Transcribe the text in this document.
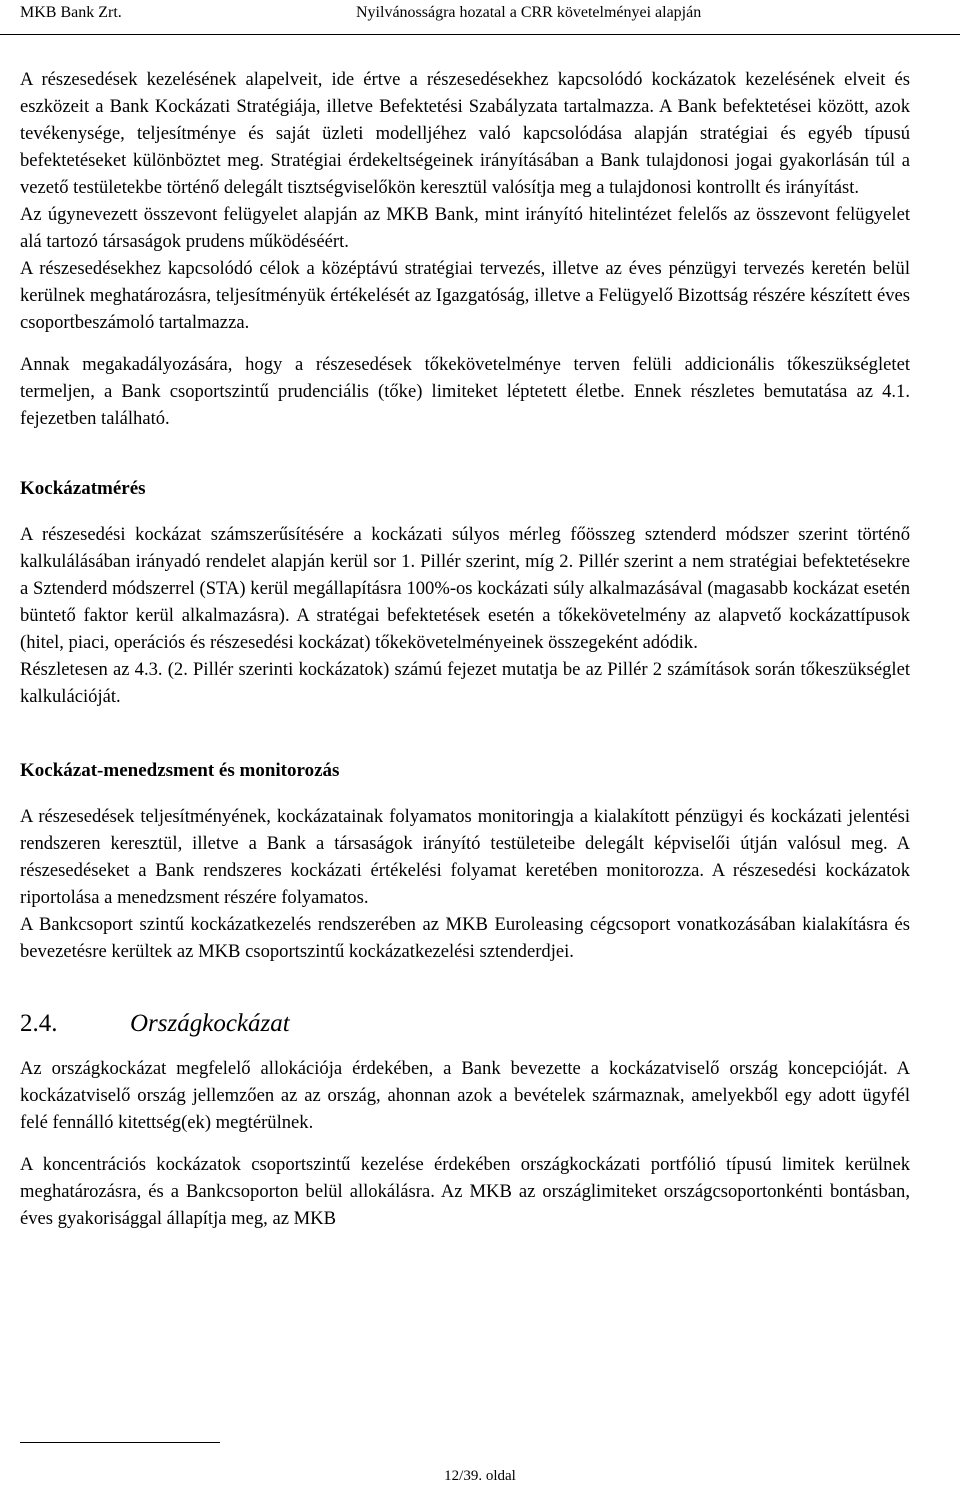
MKB Bank Zrt.	Nyilvánosságra hozatal a CRR követelményei alapján

A részesedések kezelésének alapelveit, ide értve a részesedésekhez kapcsolódó kockázatok kezelésének elveit és eszközeit a Bank Kockázati Stratégiája, illetve Befektetési Szabályzata tartalmazza. A Bank befektetései között, azok tevékenysége, teljesítménye és saját üzleti modelljéhez való kapcsolódása alapján stratégiai és egyéb típusú befektetéseket különböztet meg. Stratégiai érdekeltségeinek irányításában a Bank tulajdonosi jogai gyakorlásán túl a vezető testületekbe történő delegált tisztségviselőkön keresztül valósítja meg a tulajdonosi kontrollt és irányítást.

Az úgynevezett összevont felügyelet alapján az MKB Bank, mint irányító hitelintézet felelős az összevont felügyelet alá tartozó társaságok prudens működéséért.

A részesedésekhez kapcsolódó célok a középtávú stratégiai tervezés, illetve az éves pénzügyi tervezés keretén belül kerülnek meghatározásra, teljesítményük értékelését az Igazgatóság, illetve a Felügyelő Bizottság részére készített éves csoportbeszámoló tartalmazza.

Annak megakadályozására, hogy a részesedések tőkekövetelménye terven felüli addicionális tőkeszükségletet termeljen, a Bank csoportszintű prudenciális (tőke) limiteket léptetett életbe. Ennek részletes bemutatása az 4.1. fejezetben található.

Kockázatmérés

A részesedési kockázat számszerűsítésére a kockázati súlyos mérleg főösszeg sztenderd módszer szerint történő kalkulálásában irányadó rendelet alapján kerül sor 1. Pillér szerint, míg 2. Pillér szerint a nem stratégiai befektetésekre a Sztenderd módszerrel (STA) kerül megállapításra 100%-os kockázati súly alkalmazásával (magasabb kockázat esetén büntető faktor kerül alkalmazásra). A stratégai befektetések esetén a tőkekövetelmény az alapvető kockázattípusok (hitel, piaci, operációs és részesedési kockázat) tőkekövetelményeinek összegeként adódik.

Részletesen az 4.3. (2. Pillér szerinti kockázatok) számú fejezet mutatja be az Pillér 2 számítások során tőkeszükséglet kalkulációját.

Kockázat-menedzsment és monitorozás

A részesedések teljesítményének, kockázatainak folyamatos monitoringja a kialakított pénzügyi és kockázati jelentési rendszeren keresztül, illetve a Bank a társaságok irányító testületeibe delegált képviselői útján valósul meg. A részesedéseket a Bank rendszeres kockázati értékelési folyamat keretében monitorozza. A részesedési kockázatok riportolása a menedzsment részére folyamatos.

A Bankcsoport szintű kockázatkezelés rendszerében az MKB Euroleasing cégcsoport vonatkozásában kialakításra és bevezetésre kerültek az MKB csoportszintű kockázatkezelési sztenderdjei.

2.4.	Országkockázat

Az országkockázat megfelelő allokációja érdekében, a Bank bevezette a kockázatviselő ország koncepcióját. A kockázatviselő ország jellemzően az az ország, ahonnan azok a bevételek származnak, amelyekből egy adott ügyfél felé fennálló kitettség(ek) megtérülnek.

A koncentrációs kockázatok csoportszintű kezelése érdekében országkockázati portfólió típusú limitek kerülnek meghatározásra, és a Bankcsoporton belül allokálásra. Az MKB az országlimiteket országcsoportonkénti bontásban, éves gyakorisággal állapítja meg, az MKB

12/39. oldal
